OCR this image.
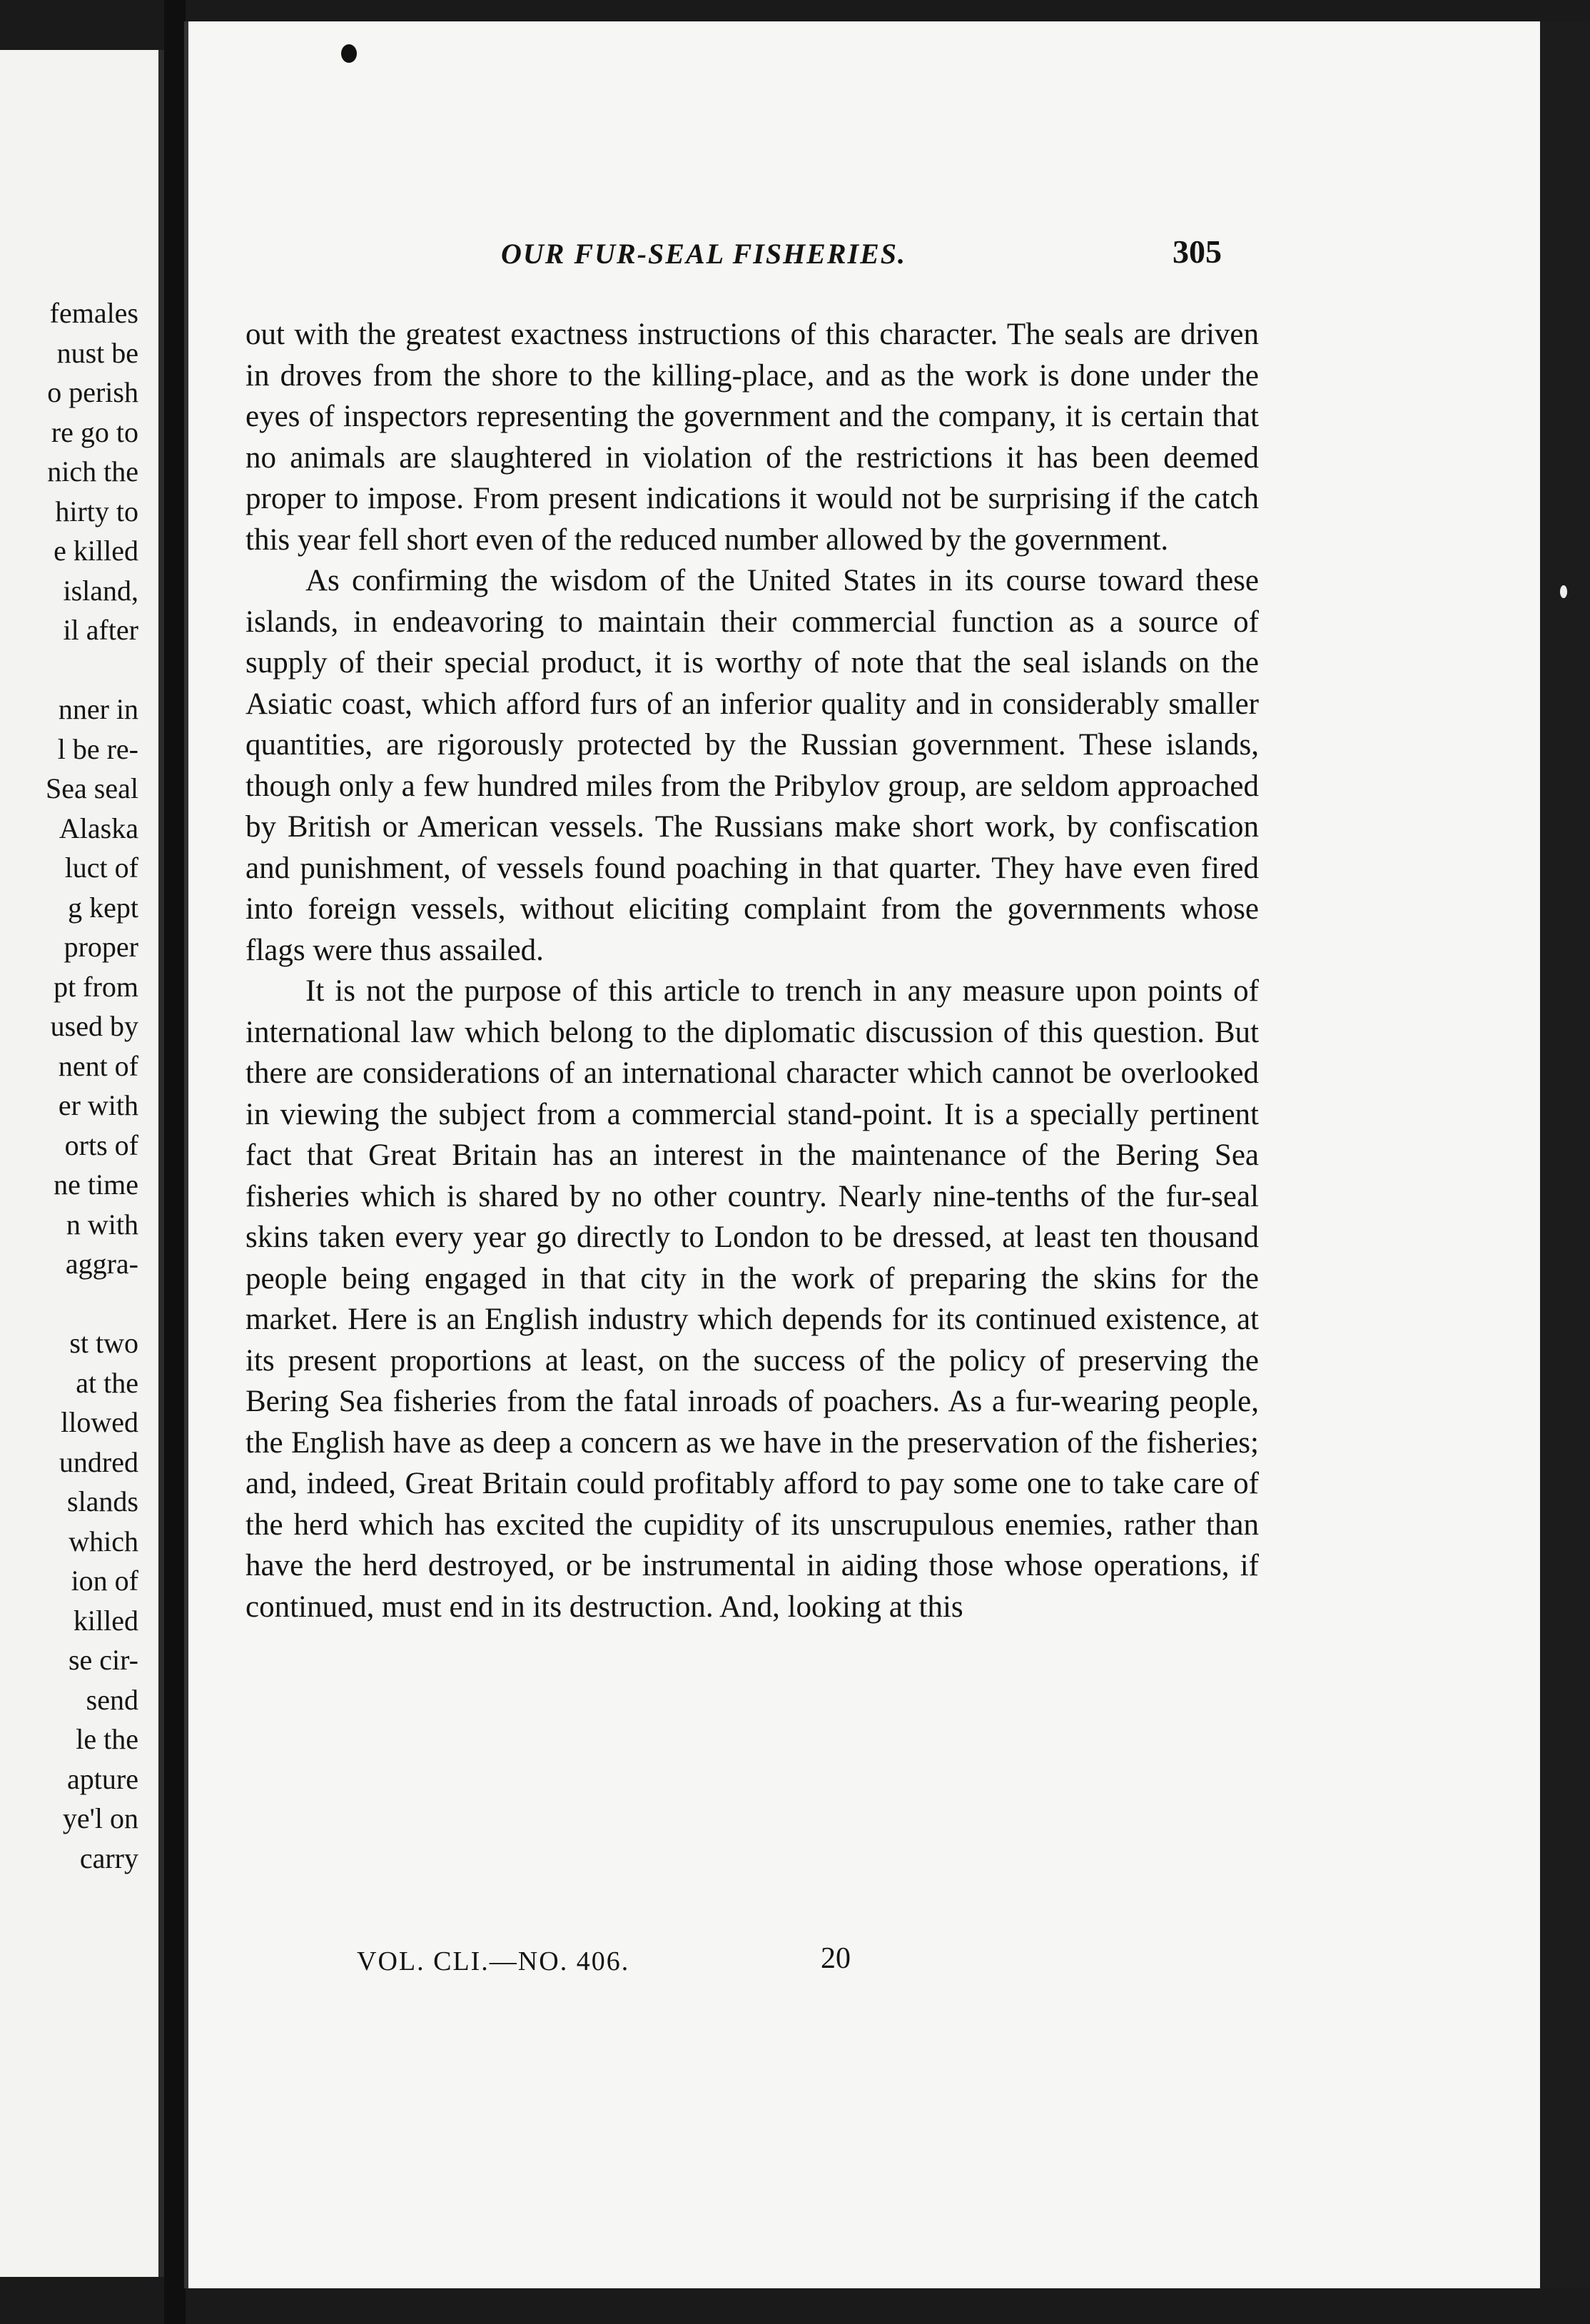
females
nust be
o perish
re go to
nich the
hirty to
e killed
island,
il after
nner in
l be re-
Sea seal
Alaska
luct of
g kept
proper
pt from
used by
nent of
er with
orts of
ne time
n with
aggra-
st two
at the
llowed
undred
slands
which
ion of
killed
se cir-
send
le the
apture
ye'l on
carry
OUR FUR-SEAL FISHERIES.	305

out with the greatest exactness instructions of this character. The seals are driven in droves from the shore to the killing-place, and as the work is done under the eyes of inspectors representing the government and the company, it is certain that no animals are slaughtered in violation of the restrictions it has been deemed proper to impose. From present indications it would not be surprising if the catch this year fell short even of the reduced number allowed by the government.

As confirming the wisdom of the United States in its course toward these islands, in endeavoring to maintain their commercial function as a source of supply of their special product, it is worthy of note that the seal islands on the Asiatic coast, which afford furs of an inferior quality and in considerably smaller quantities, are rigorously protected by the Russian government. These islands, though only a few hundred miles from the Pribylov group, are seldom approached by British or American vessels. The Russians make short work, by confiscation and punishment, of vessels found poaching in that quarter. They have even fired into foreign vessels, without eliciting complaint from the governments whose flags were thus assailed.

It is not the purpose of this article to trench in any measure upon points of international law which belong to the diplomatic discussion of this question. But there are considerations of an international character which cannot be overlooked in viewing the subject from a commercial stand-point. It is a specially pertinent fact that Great Britain has an interest in the maintenance of the Bering Sea fisheries which is shared by no other country. Nearly nine-tenths of the fur-seal skins taken every year go directly to London to be dressed, at least ten thousand people being engaged in that city in the work of preparing the skins for the market. Here is an English industry which depends for its continued existence, at its present proportions at least, on the success of the policy of preserving the Bering Sea fisheries from the fatal inroads of poachers. As a fur-wearing people, the English have as deep a concern as we have in the preservation of the fisheries; and, indeed, Great Britain could profitably afford to pay some one to take care of the herd which has excited the cupidity of its unscrupulous enemies, rather than have the herd destroyed, or be instrumental in aiding those whose operations, if continued, must end in its destruction. And, looking at this

VOL. CLI.—NO. 406.	20
